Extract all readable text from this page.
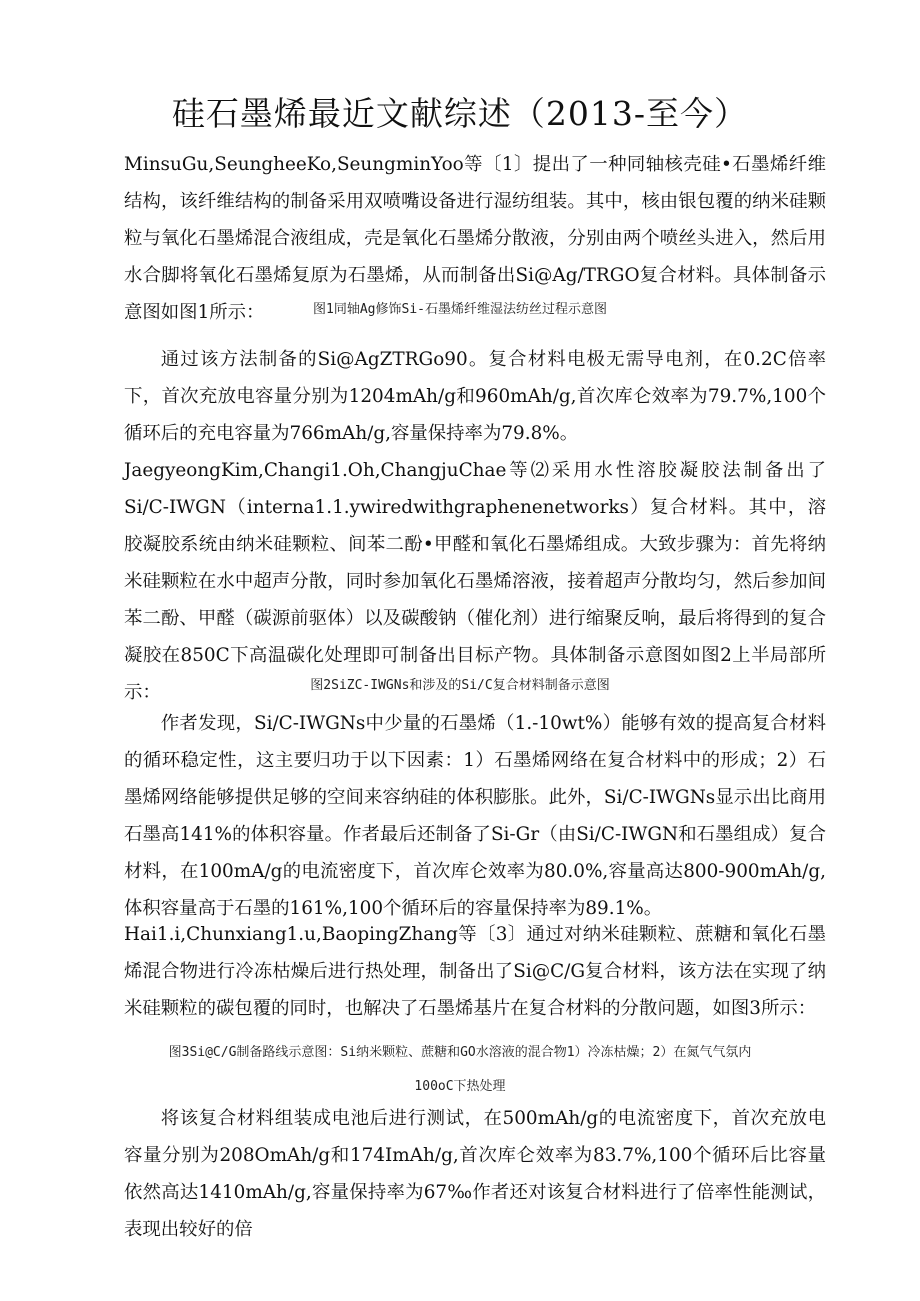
硅石墨烯最近文献综述（2013-至今）

MinsuGu,SeungheeKo,SeungminYoo等〔1〕提出了一种同轴核壳硅•石墨烯纤维结构，该纤维结构的制备采用双喷嘴设备进行湿纺组装。其中，核由银包覆的纳米硅颗粒与氧化石墨烯混合液组成，壳是氧化石墨烯分散液，分别由两个喷丝头进入，然后用水合脚将氧化石墨烯复原为石墨烯，从而制备出Si@Ag/TRGO复合材料。具体制备示意图如图1所示：	图1同轴Ag修饰Si-石墨烯纤维湿法纺丝过程示意图

通过该方法制备的Si@AgZTRGo90。复合材料电极无需导电剂，在0.2C倍率下，首次充放电容量分别为1204mAh/g和960mAh∕g,首次库仑效率为79.7%,100个循环后的充电容量为766mAh∕g,容量保持率为79.8%。

JaegyeongKim,Changi1.Oh,ChangjuChae等⑵采用水性溶胶凝胶法制备出了Si/C-IWGN（interna1.1.ywiredwithgraphenenetworks）复合材料。其中，溶胶凝胶系统由纳米硅颗粒、间苯二酚•甲醛和氧化石墨烯组成。大致步骤为：首先将纳米硅颗粒在水中超声分散，同时参加氧化石墨烯溶液，接着超声分散均匀，然后参加间苯二酚、甲醛（碳源前驱体）以及碳酸钠（催化剂）进行缩聚反响，最后将得到的复合凝胶在850C下高温碳化处理即可制备出目标产物。具体制备示意图如图2上半局部所示：	图2SiZC-IWGNs和涉及的Si/C复合材料制备示意图

作者发现，Si/C-IWGNs中少量的石墨烯（1.-10wt%）能够有效的提高复合材料的循环稳定性，这主要归功于以下因素：1）石墨烯网络在复合材料中的形成；2）石墨烯网络能够提供足够的空间来容纳硅的体积膨胀。此外，Si/C-IWGNs显示出比商用石墨高141%的体积容量。作者最后还制备了Si-Gr（由Si/C-IWGN和石墨组成）复合材料，在100mA/g的电流密度下，首次库仑效率为80.0%,容量高达800-900mAh∕g,体积容量高于石墨的161%,100个循环后的容量保持率为89.1%。

Hai1.i,Chunxiang1.u,BaopingZhang等〔3〕通过对纳米硅颗粒、蔗糖和氧化石墨烯混合物进行冷冻枯燥后进行热处理，制备出了Si@C/G复合材料，该方法在实现了纳米硅颗粒的碳包覆的同时，也解决了石墨烯基片在复合材料的分散问题，如图3所示：

图3Si@C/G制备路线示意图：Si纳米颗粒、蔗糖和GO水溶液的混合物1）冷冻枯燥；2）在氮气气氛内100oC下热处理

将该复合材料组装成电池后进行测试，在500mAh∕g的电流密度下，首次充放电容量分别为208OmAh/g和174ImAh∕g,首次库仑效率为83.7%,100个循环后比容量依然高达1410mAh∕g,容量保持率为67‰作者还对该复合材料进行了倍率性能测试，表现出较好的倍
